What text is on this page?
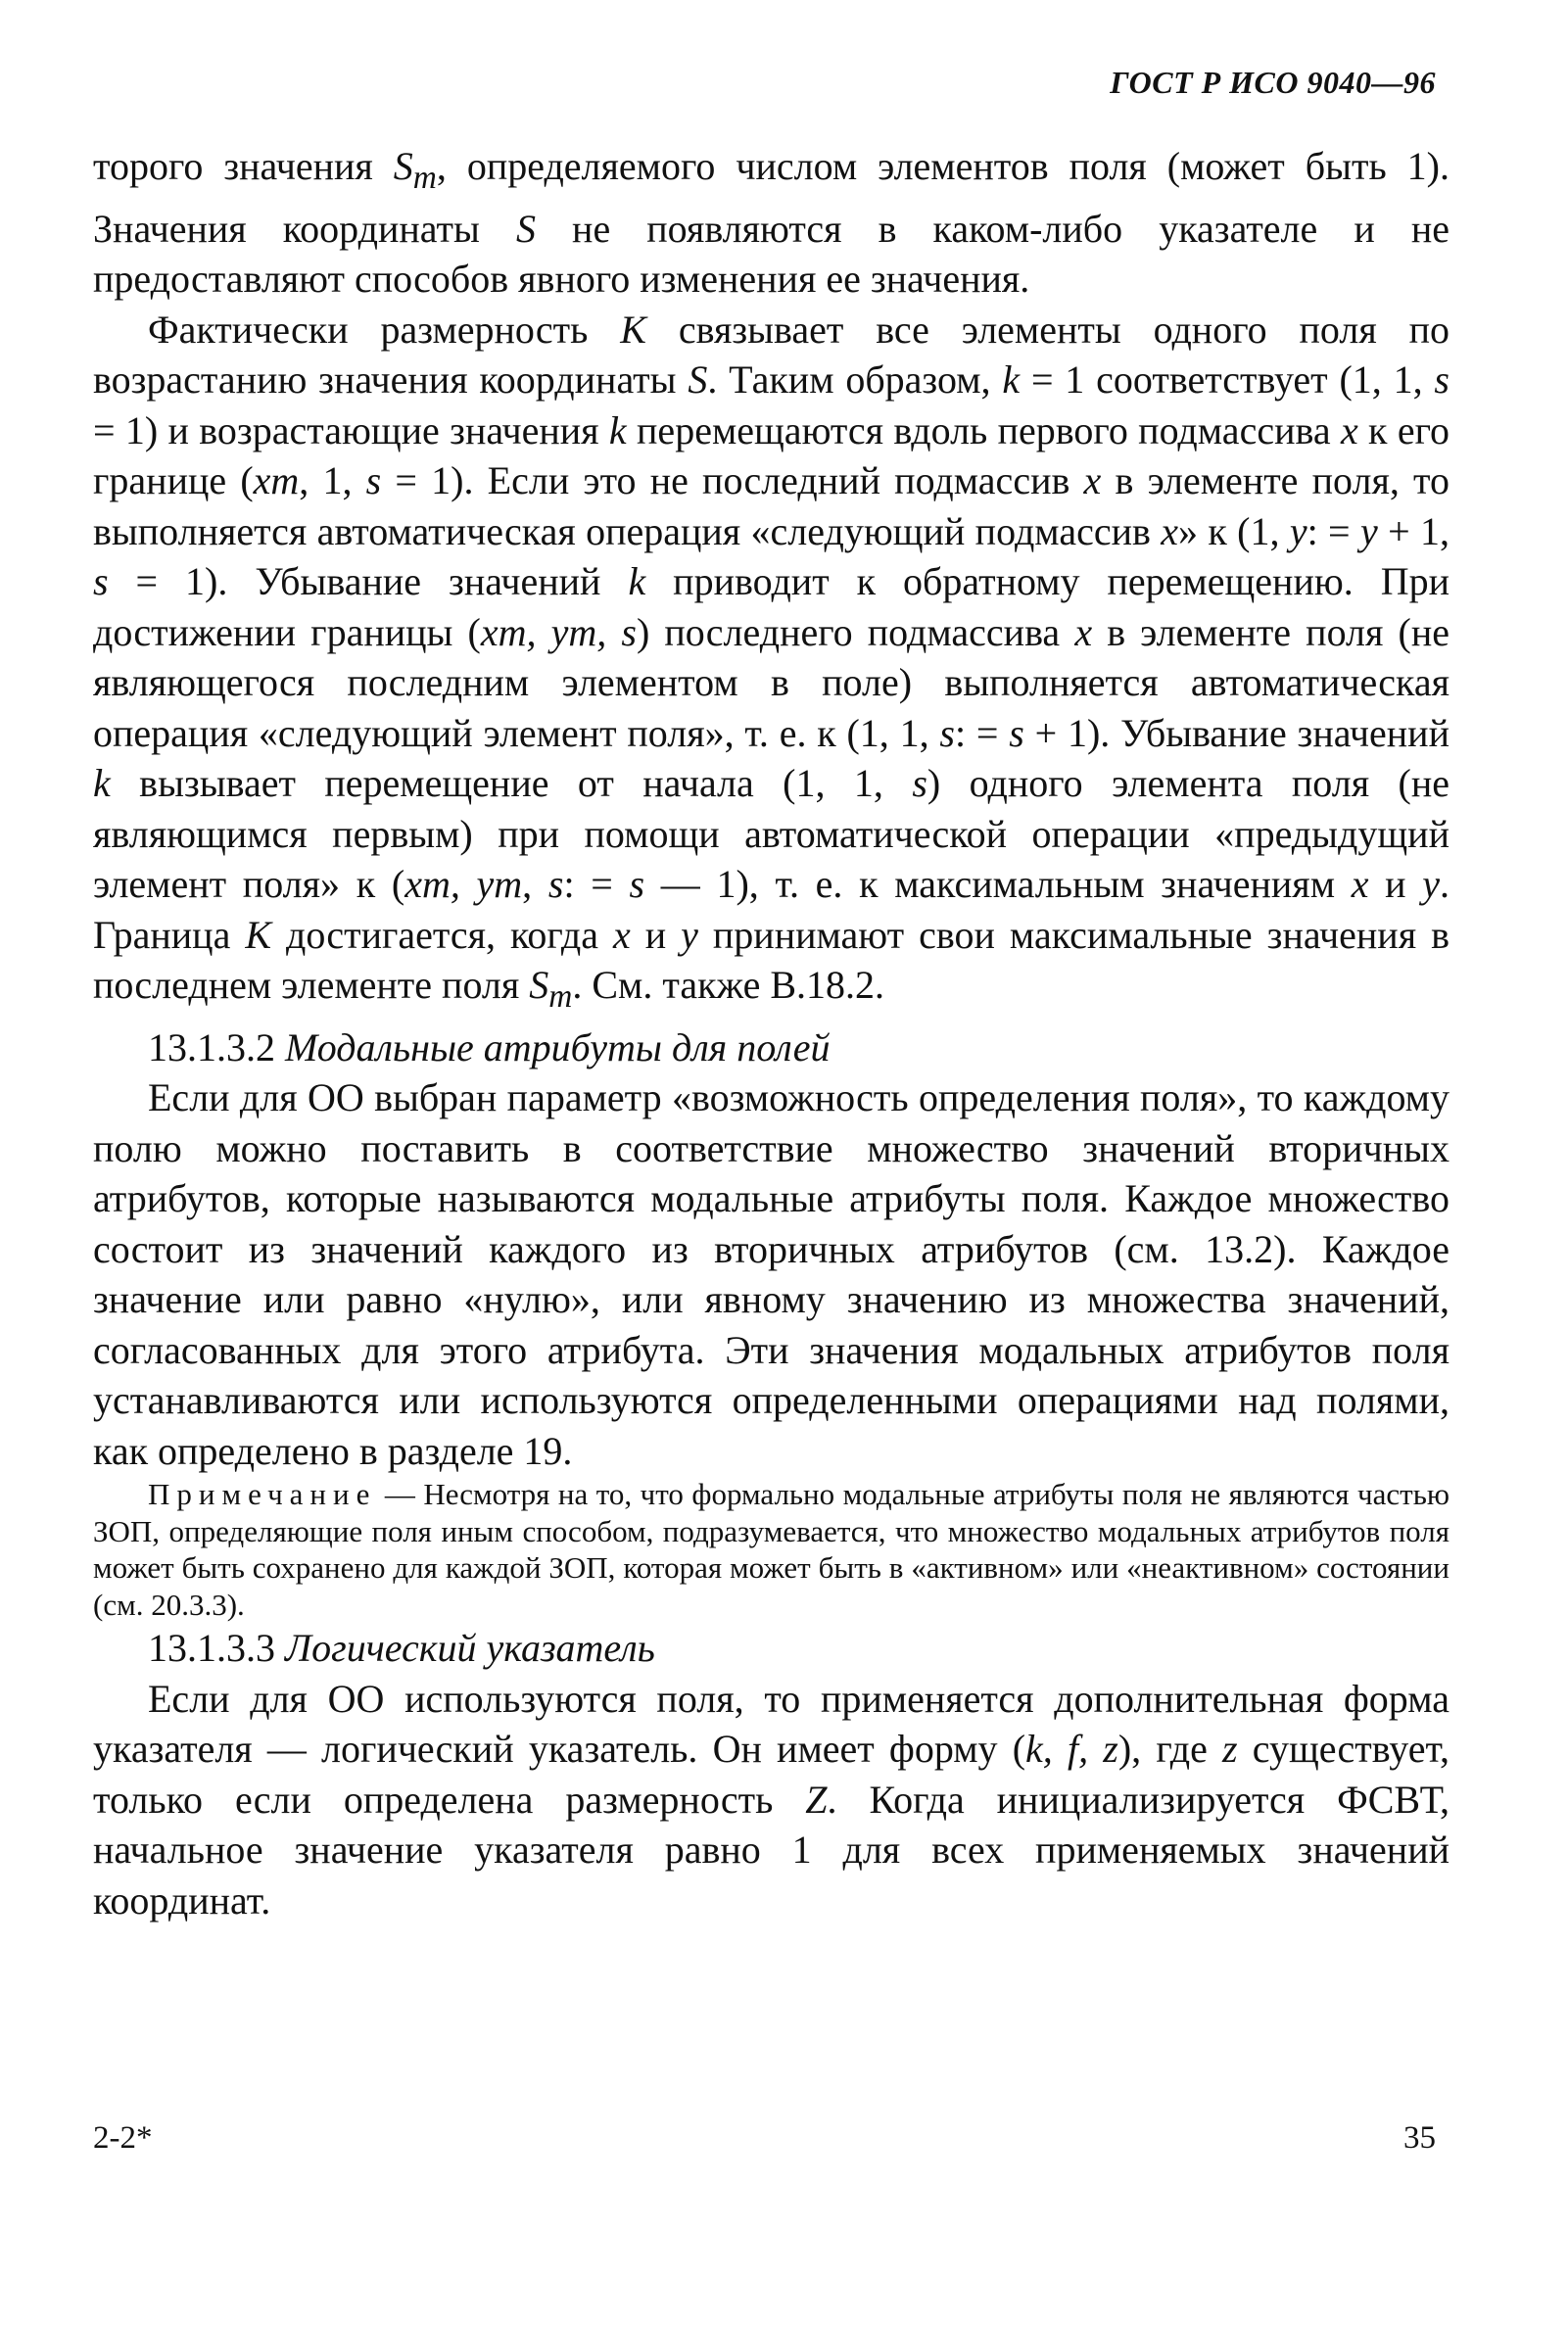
ГОСТ Р ИСО 9040—96

торого значения $S_m$, определяемого числом элементов поля (может быть 1). Значения координаты S не появляются в каком-либо указателе и не предоставляют способов явного изменения ее значения.

Фактически размерность K связывает все элементы одного поля по возрастанию значения координаты S. Таким образом, k = 1 соответствует (1, 1, s = 1) и возрастающие значения k перемещаются вдоль первого подмассива x к его границе (xm, 1, s = 1). Если это не последний подмассив x в элементе поля, то выполняется автоматическая операция «следующий подмассив x» к (1, y: = y + 1, s = 1). Убывание значений k приводит к обратному перемещению. При достижении границы (xm, ym, s) последнего подмассива x в элементе поля (не являющегося последним элементом в поле) выполняется автоматическая операция «следующий элемент поля», т. е. к (1, 1, s: = s + 1). Убывание значений k вызывает перемещение от начала (1, 1, s) одного элемента поля (не являющимся первым) при помощи автоматической операции «предыдущий элемент поля» к (xm, ym, s: = s — 1), т. е. к максимальным значениям x и y. Граница K достигается, когда x и y принимают свои максимальные значения в последнем элементе поля $S_m$. См. также В.18.2.

13.1.3.2 Модальные атрибуты для полей

Если для ОО выбран параметр «возможность определения поля», то каждому полю можно поставить в соответствие множество значений вторичных атрибутов, которые называются модальные атрибуты поля. Каждое множество состоит из значений каждого из вторичных атрибутов (см. 13.2). Каждое значение или равно «нулю», или явному значению из множества значений, согласованных для этого атрибута. Эти значения модальных атрибутов поля устанавливаются или используются определенными операциями над полями, как определено в разделе 19.

Примечание — Несмотря на то, что формально модальные атрибуты поля не являются частью ЗОП, определяющие поля иным способом, подразумевается, что множество модальных атрибутов поля может быть сохранено для каждой ЗОП, которая может быть в «активном» или «неактивном» состоянии (см. 20.3.3).

13.1.3.3 Логический указатель

Если для ОО используются поля, то применяется дополнительная форма указателя — логический указатель. Он имеет форму (k, f, z), где z существует, только если определена размерность Z. Когда инициализируется ФСВТ, начальное значение указателя равно 1 для всех применяемых значений координат.

2-2*	35
